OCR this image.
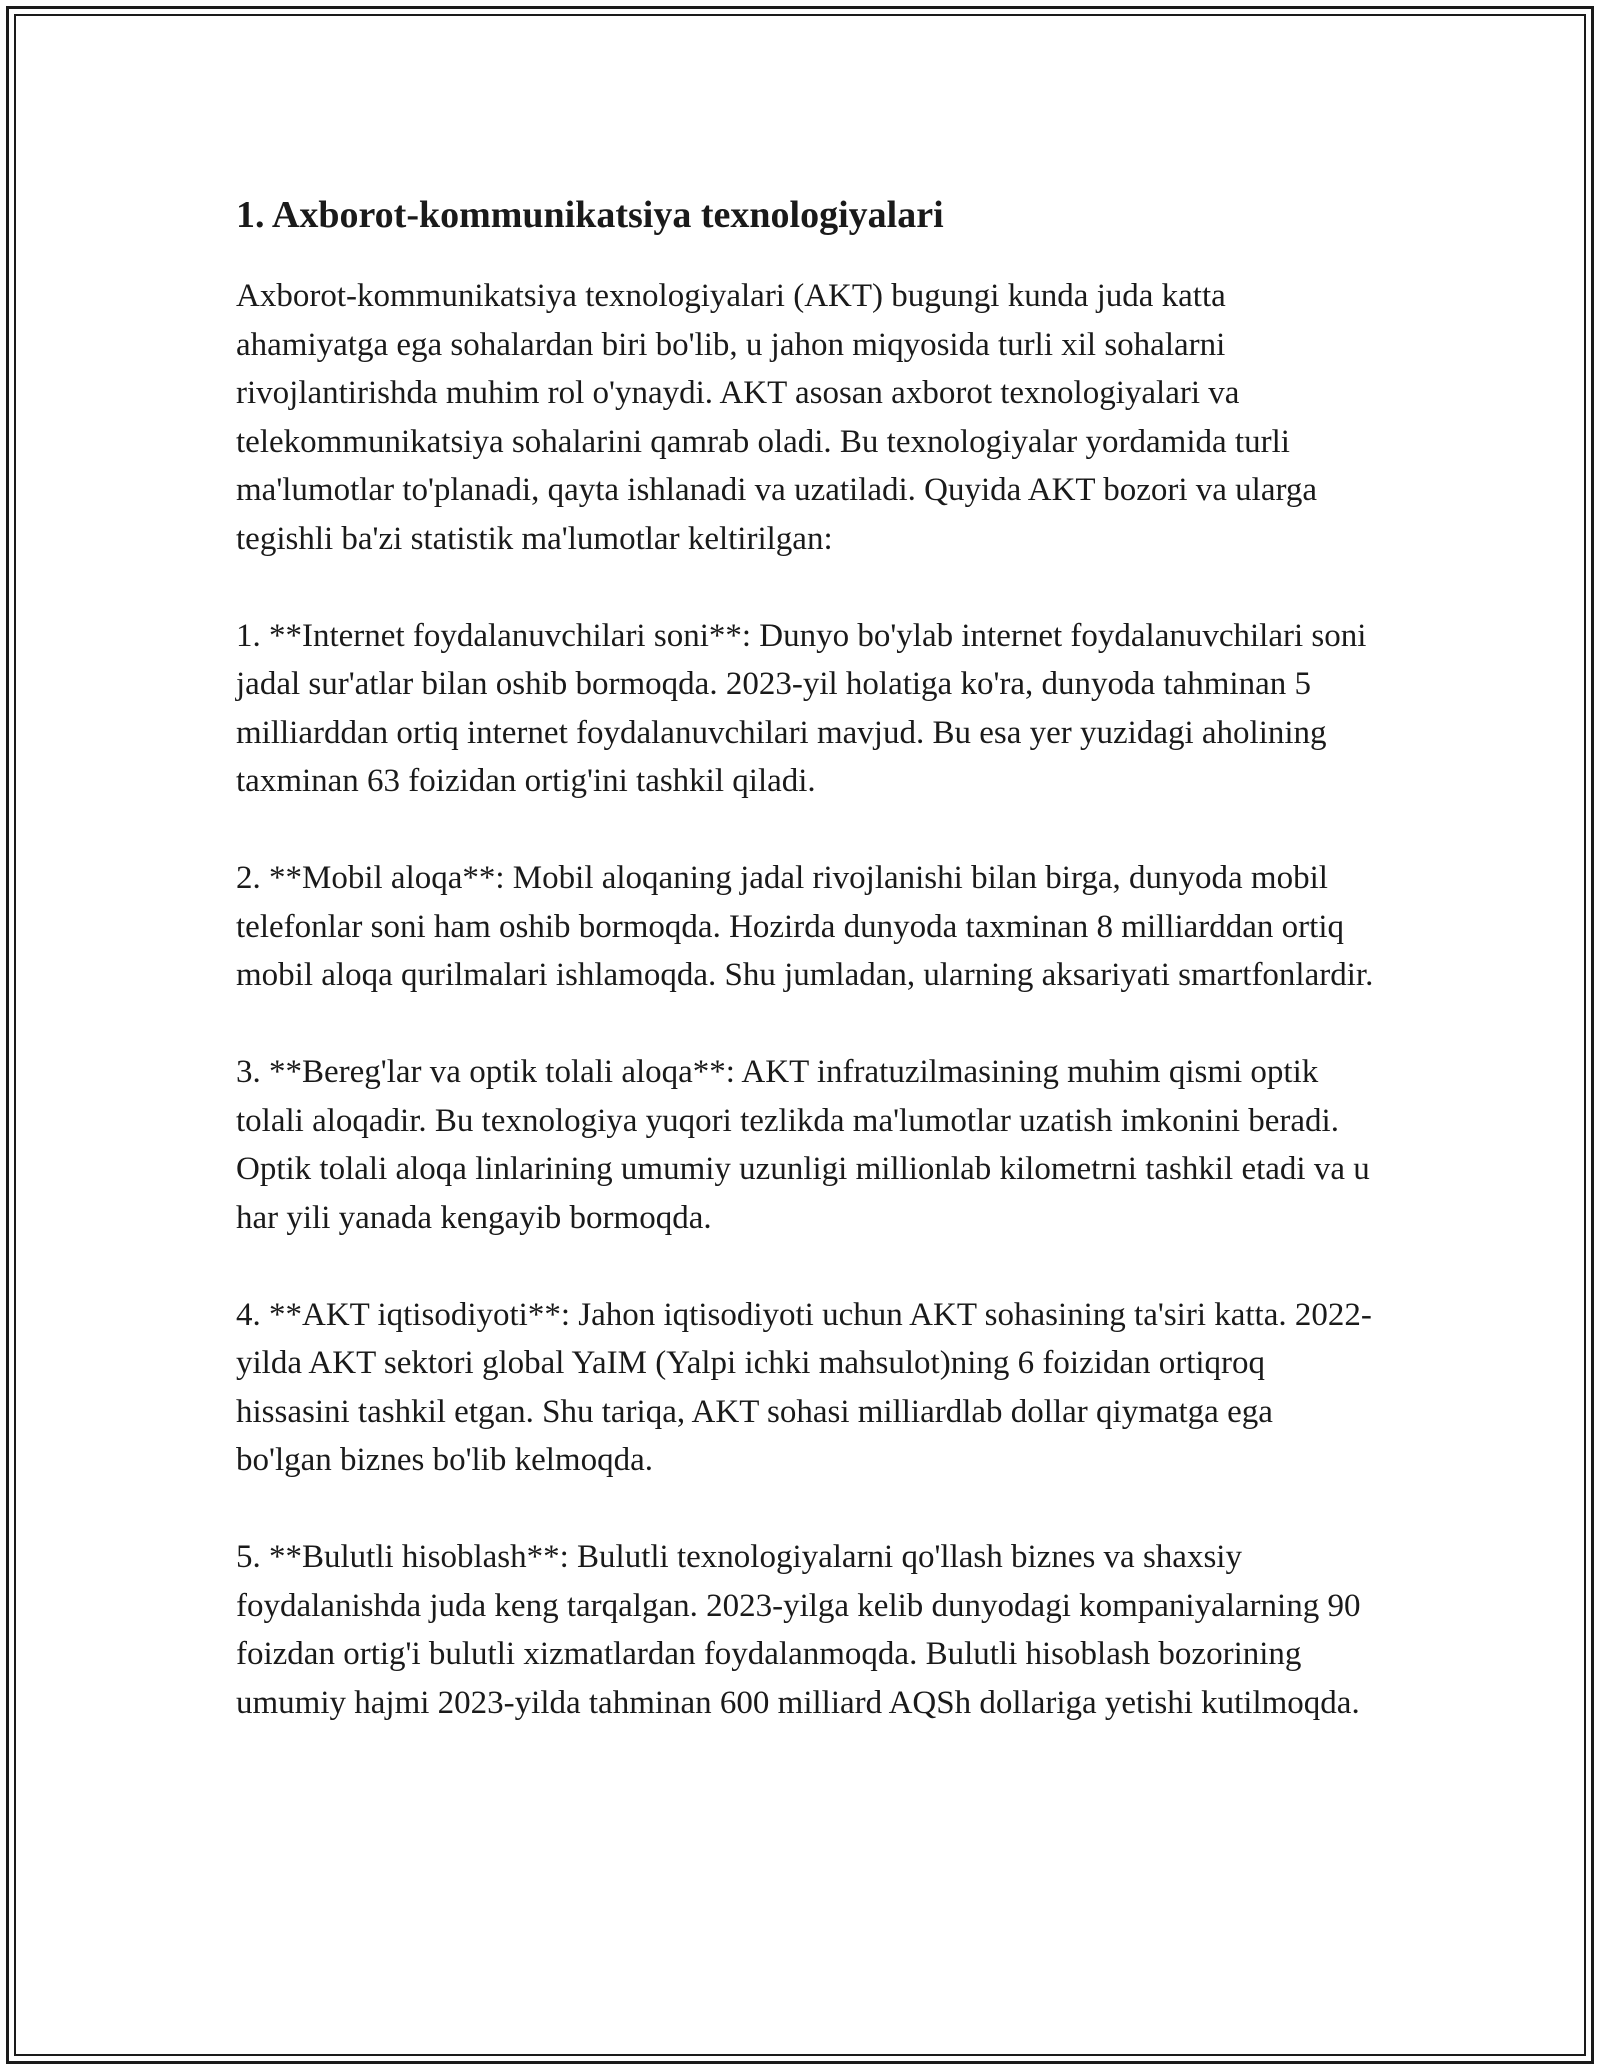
1. Axborot-kommunikatsiya texnologiyalari

Axborot-kommunikatsiya texnologiyalari (AKT) bugungi kunda juda katta ahamiyatga ega sohalardan biri bo'lib, u jahon miqyosida turli xil sohalarni rivojlantirishda muhim rol o'ynaydi. AKT asosan axborot texnologiyalari va telekommunikatsiya sohalarini qamrab oladi. Bu texnologiyalar yordamida turli ma'lumotlar to'planadi, qayta ishlanadi va uzatiladi. Quyida AKT bozori va ularga tegishli ba'zi statistik ma'lumotlar keltirilgan:

1. **Internet foydalanuvchilari soni**: Dunyo bo'ylab internet foydalanuvchilari soni jadal sur'atlar bilan oshib bormoqda. 2023-yil holatiga ko'ra, dunyoda tahminan 5 milliarddan ortiq internet foydalanuvchilari mavjud. Bu esa yer yuzidagi aholining taxminan 63 foizidan ortig'ini tashkil qiladi.

2. **Mobil aloqa**: Mobil aloqaning jadal rivojlanishi bilan birga, dunyoda mobil telefonlar soni ham oshib bormoqda. Hozirda dunyoda taxminan 8 milliarddan ortiq mobil aloqa qurilmalari ishlamoqda. Shu jumladan, ularning aksariyati smartfonlardir.

3. **Bereg'lar va optik tolali aloqa**: AKT infratuzilmasining muhim qismi optik tolali aloqadir. Bu texnologiya yuqori tezlikda ma'lumotlar uzatish imkonini beradi. Optik tolali aloqa linlarining umumiy uzunligi millionlab kilometrni tashkil etadi va u har yili yanada kengayib bormoqda.

4. **AKT iqtisodiyoti**: Jahon iqtisodiyoti uchun AKT sohasining ta'siri katta. 2022-yilda AKT sektori global YaIM (Yalpi ichki mahsulot)ning 6 foizidan ortiqroq hissasini tashkil etgan. Shu tariqa, AKT sohasi milliardlab dollar qiymatga ega bo'lgan biznes bo'lib kelmoqda.

5. **Bulutli hisoblash**: Bulutli texnologiyalarni qo'llash biznes va shaxsiy foydalanishda juda keng tarqalgan. 2023-yilga kelib dunyodagi kompaniyalarning 90 foizdan ortig'i bulutli xizmatlardan foydalanmoqda. Bulutli hisoblash bozorining umumiy hajmi 2023-yilda tahminan 600 milliard AQSh dollariga yetishi kutilmoqda.
